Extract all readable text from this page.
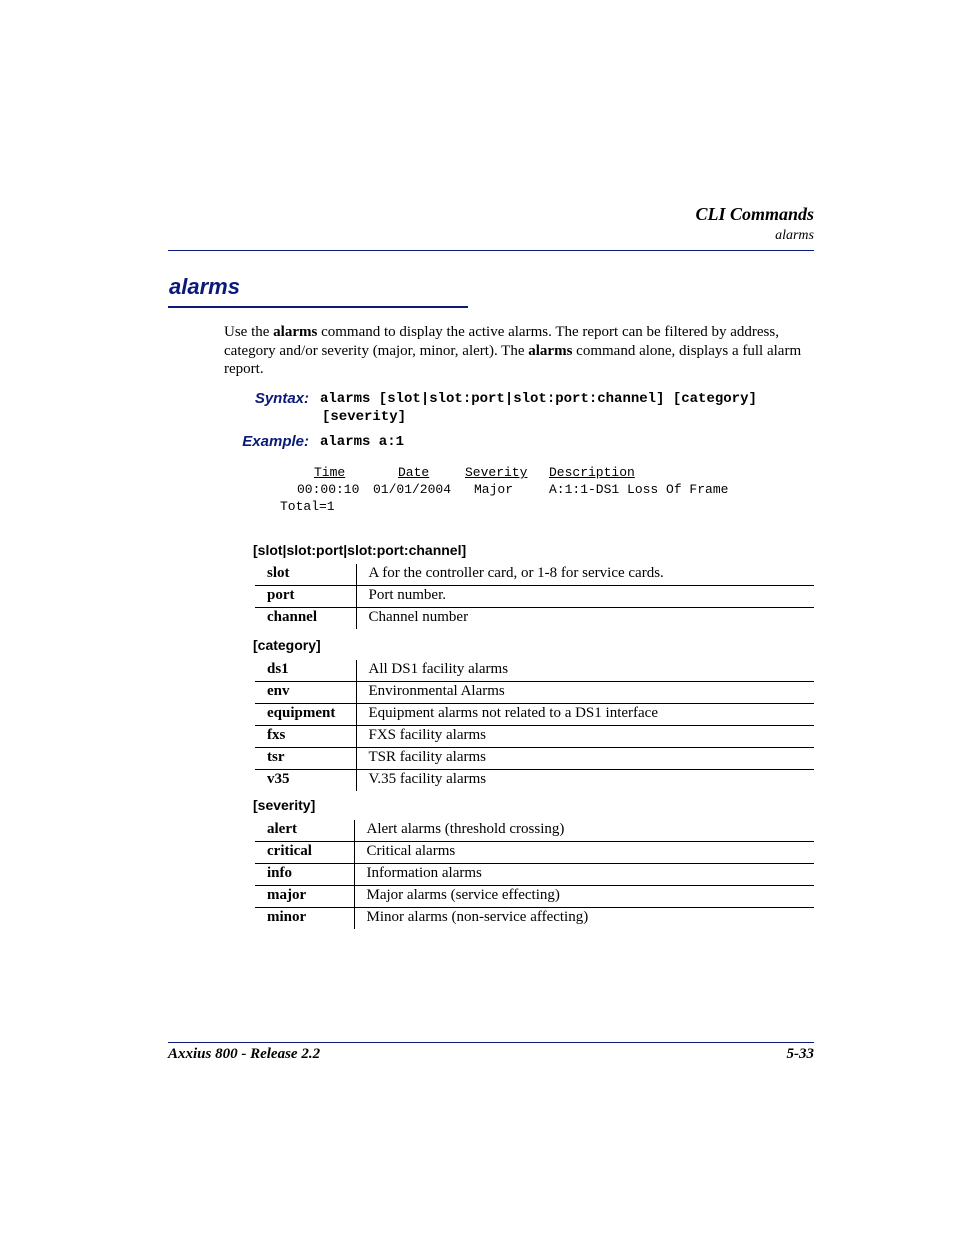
CLI Commands
alarms
alarms
Use the alarms command to display the active alarms. The report can be filtered by address, category and/or severity (major, minor, alert). The alarms command alone, displays a full alarm report.
Syntax: alarms [slot|slot:port|slot:port:channel] [category]
[severity]
Example: alarms a:1
Time	Date	Severity Description
00:00:10 01/01/2004 Major	A:1:1-DS1 Loss Of Frame
Total=1
[slot|slot:port|slot:port:channel]
slot	A for the controller card, or 1-8 for service cards.
port	Port number.
channel	Channel number
[category]
ds1	All DS1 facility alarms
env	Environmental Alarms
equipment	Equipment alarms not related to a DS1 interface
fxs	FXS facility alarms
tsr	TSR facility alarms
v35	V.35 facility alarms
[severity]
alert	Alert alarms (threshold crossing)
critical	Critical alarms
info	Information alarms
major	Major alarms (service effecting)
minor	Minor alarms (non-service affecting)
Axxius 800 - Release 2.2	5-33
